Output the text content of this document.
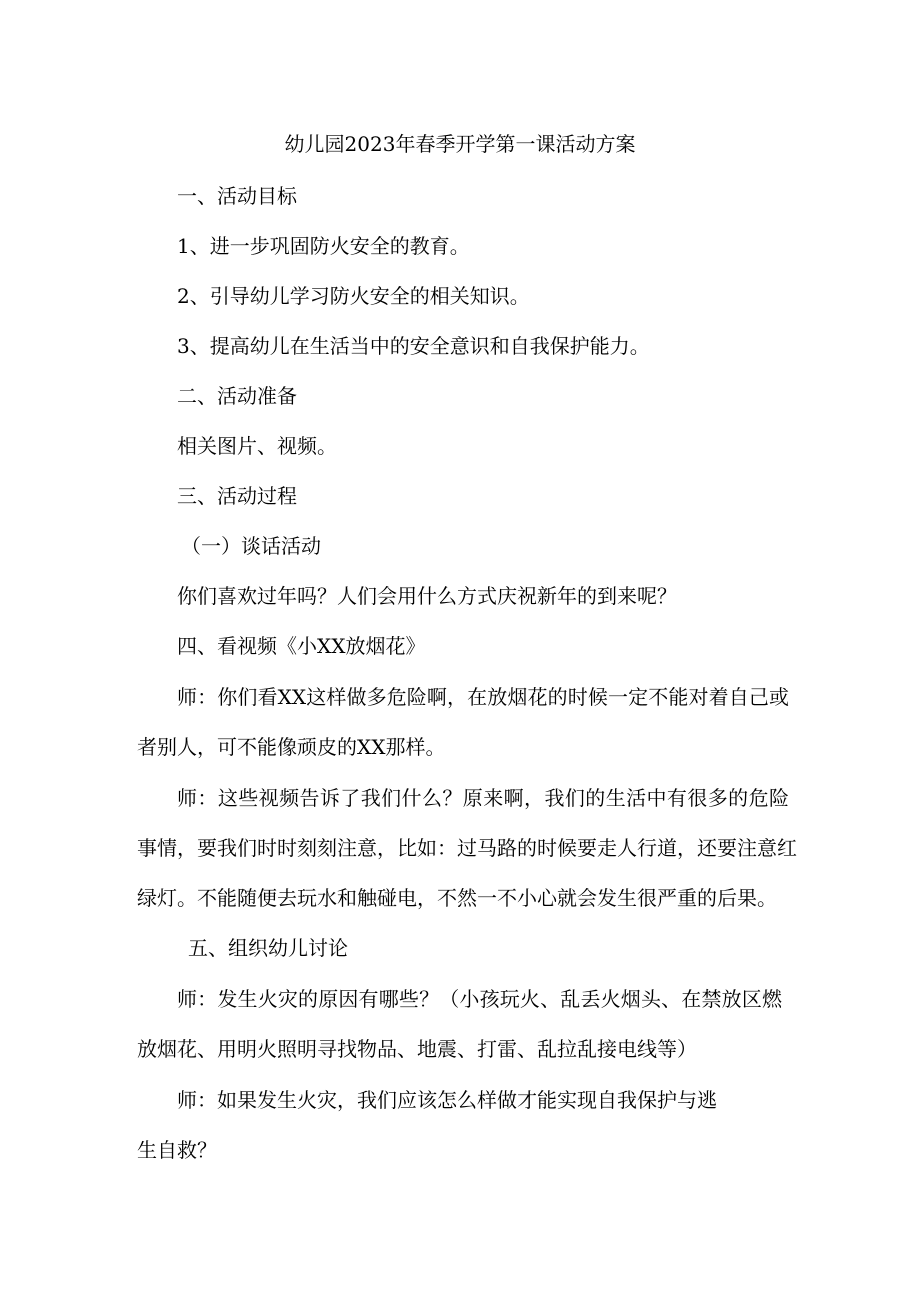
幼儿园2023年春季开学第一课活动方案
一、活动目标
1、进一步巩固防火安全的教育。
2、引导幼儿学习防火安全的相关知识。
3、提高幼儿在生活当中的安全意识和自我保护能力。
二、活动准备
相关图片、视频。
三、活动过程
（一）谈话活动
你们喜欢过年吗？人们会用什么方式庆祝新年的到来呢？
四、看视频《小XX放烟花》
师：你们看XX这样做多危险啊，在放烟花的时候一定不能对着自己或
者别人，可不能像顽皮的XX那样。
师：这些视频告诉了我们什么？原来啊，我们的生活中有很多的危险
事情，要我们时时刻刻注意，比如：过马路的时候要走人行道，还要注意红
绿灯。不能随便去玩水和触碰电，不然一不小心就会发生很严重的后果。
五、组织幼儿讨论
师：发生火灾的原因有哪些？（小孩玩火、乱丢火烟头、在禁放区燃
放烟花、用明火照明寻找物品、地震、打雷、乱拉乱接电线等）
师：如果发生火灾，我们应该怎么样做才能实现自我保护与逃
生自救？
